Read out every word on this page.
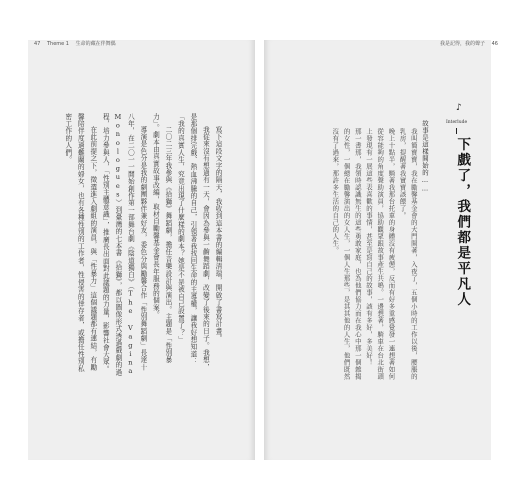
47 Theme 1 生命的藏在伴舞偶	我是記得，我的聲子 46

寫下這段文字的隔天，我收到這本書的編輯清瑞，開啟了書寫計畫。

我從來沒有想過有一天，會因為參與一齣舞蹈劇，改變了後來的日子。我想，是那個排完戲、熱血沸騰的自己，引領著我找回生命的主導權，讓我好想知道：「我的真實人生，究竟出現了什麼樣的劇本？她是不是被自己設置了？」

二〇二三年我參與《拾獅》舞蹈劇，擔任音樂設計與演出。主題是「性別暴力」。劇本由真實故事改編，取材自勵馨基金會長年服務的個案。

導演是色分是我的劇團夥伴兼好友，委色分與勵馨合作「性別舞蹈劇」長達十八年，在二〇一一開始創作第一部舞台劇《陰道獨白》（The Vagina Monologues）到臺灣的七本書《拾獅》，都以圖像形式透過戲劇的過程，培力參與人，「性別主體意識」，推廣長出面對此議題的力量，影響社會大眾。

在此前提之下，徵選進入劇組的演員，與「性暴力」這個議題都有連結，有勵馨陪伴度過難關的婦女，也有各種性別的工作者，性侵害的倖存者，或擔任性別私密工作的人們。

♪
Interlude
下戲了，我們都是平凡人

故事是這樣開始的……

我叫簡寶寶，我在勵馨基金會的大門開著，入夜了，五個小時的工作以後，腰脹的乳房，提醒著我實寶該餵了。

晚上十點半，騎著我那台托車的身體沒有疲憊，反而有好多重感覺發一連想著如何從容能夠的角度聲助演員，協助觀眾跟故事產生共鳴。一邊想著，騎車在台北街頭上發現有一展這些表喜歡的事情，甚至是寫自己的故事，該有多好，多美好！

那一書那，我領時認識無生的這些勇敢家庭，也為他們協力而在我心中那一個雜揭的女性，一個總在勵馨演出的女人生，一個人生那些，是其其他的人生，他們既然沒有了過來，那許多生活的自己的人生。
